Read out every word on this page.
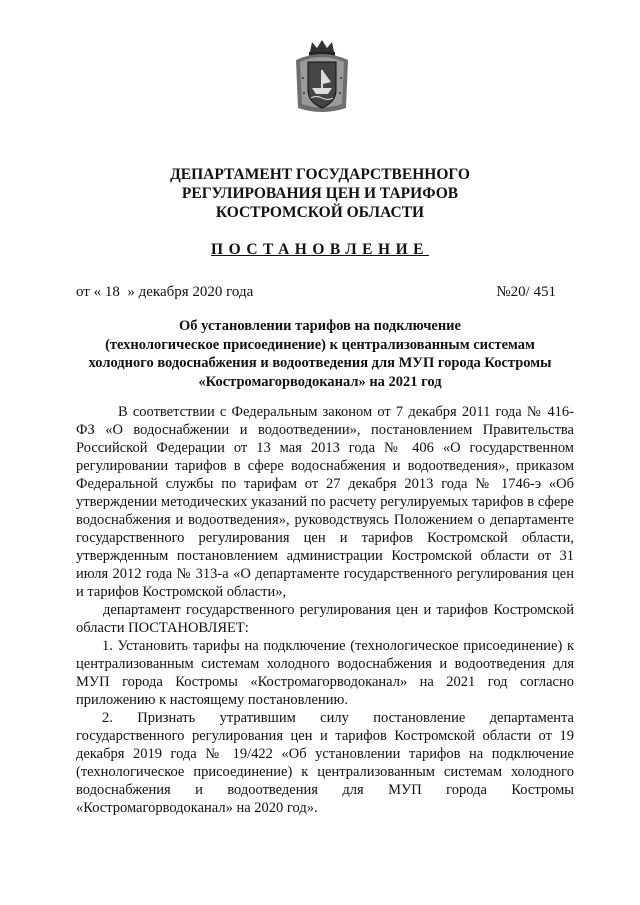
ДЕПАРТАМЕНТ ГОСУДАРСТВЕННОГО
РЕГУЛИРОВАНИЯ ЦЕН И ТАРИФОВ
КОСТРОМСКОЙ ОБЛАСТИ
ПОСТАНОВЛЕНИЕ
от « 18  » декабря 2020 года	№20/ 451
Об установлении тарифов на подключение
(технологическое присоединение) к централизованным системам
холодного водоснабжения и водоотведения для МУП города Костромы
«Костромагорводоканал» на 2021 год

В соответствии с Федеральным законом от 7 декабря 2011 года № 416-ФЗ «О водоснабжении и водоотведении», постановлением Правительства Российской Федерации от 13 мая 2013 года № 406 «О государственном регулировании тарифов в сфере водоснабжения и водоотведения», приказом Федеральной службы по тарифам от 27 декабря 2013 года № 1746-э «Об утверждении методических указаний по расчету регулируемых тарифов в сфере водоснабжения и водоотведения», руководствуясь Положением о департаменте государственного регулирования цен и тарифов Костромской области, утвержденным постановлением администрации Костромской области от 31 июля 2012 года № 313-а «О департаменте государственного регулирования цен и тарифов Костромской области»,

департамент государственного регулирования цен и тарифов Костромской области ПОСТАНОВЛЯЕТ:

1. Установить тарифы на подключение (технологическое присоединение) к централизованным системам холодного водоснабжения и водоотведения для МУП города Костромы «Костромагорводоканал» на 2021 год согласно приложению к настоящему постановлению.

2. Признать утратившим силу постановление департамента государственного регулирования цен и тарифов Костромской области от 19 декабря 2019 года № 19/422 «Об установлении тарифов на подключение (технологическое присоединение) к централизованным системам холодного водоснабжения и водоотведения для МУП города Костромы «Костромагорводоканал» на 2020 год».
